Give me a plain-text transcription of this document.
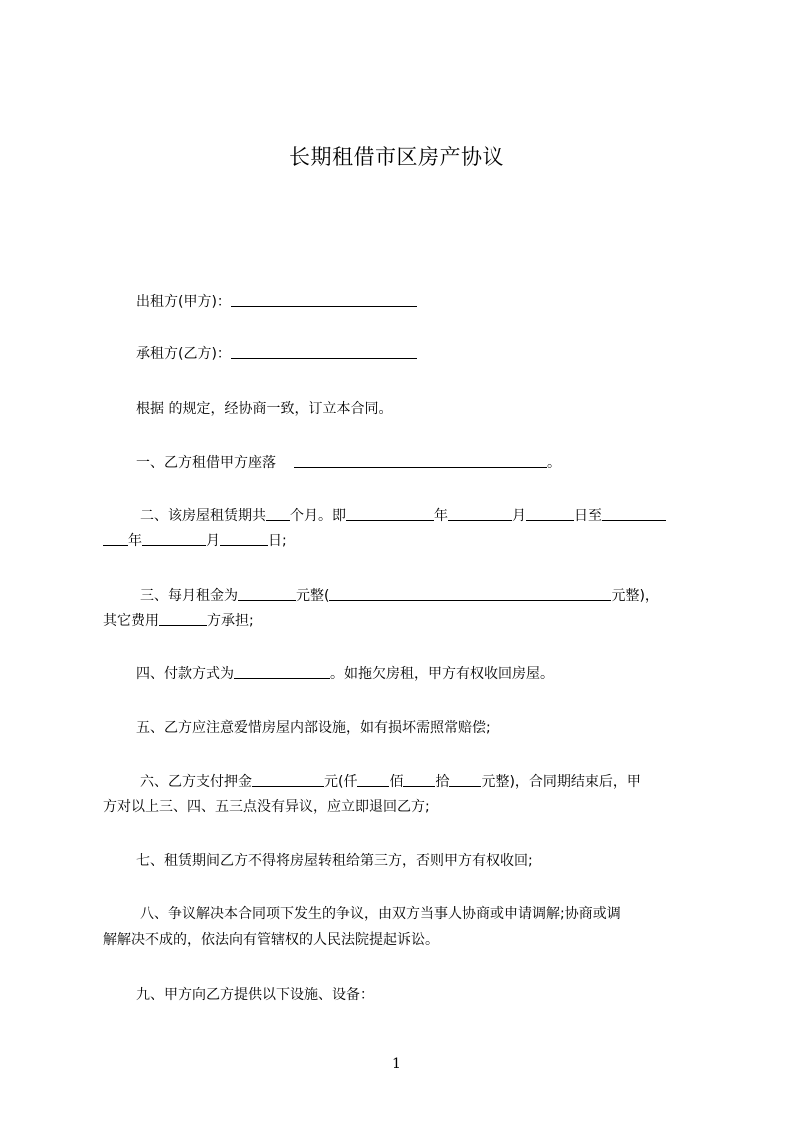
长期租借市区房产协议
出租方(甲方)：
承租方(乙方)：
根据 的规定，经协商一致，订立本合同。
一、乙方租借甲方座落	。
二、该房屋租赁期共 个月。即	年	月	日至
年	月	日;
三、每月租金为	元整(	元整)，
其它费用	方承担;
四、付款方式为	。如拖欠房租，甲方有权收回房屋。
五、乙方应注意爱惜房屋内部设施，如有损坏需照常赔偿;
六、乙方支付押金	元(仟 佰 拾 元整)，合同期结束后，甲
方对以上三、四、五三点没有异议，应立即退回乙方;
七、租赁期间乙方不得将房屋转租给第三方，否则甲方有权收回;
八、争议解决本合同项下发生的争议，由双方当事人协商或申请调解;协商或调
解解决不成的，依法向有管辖权的人民法院提起诉讼。
九、甲方向乙方提供以下设施、设备：
1
